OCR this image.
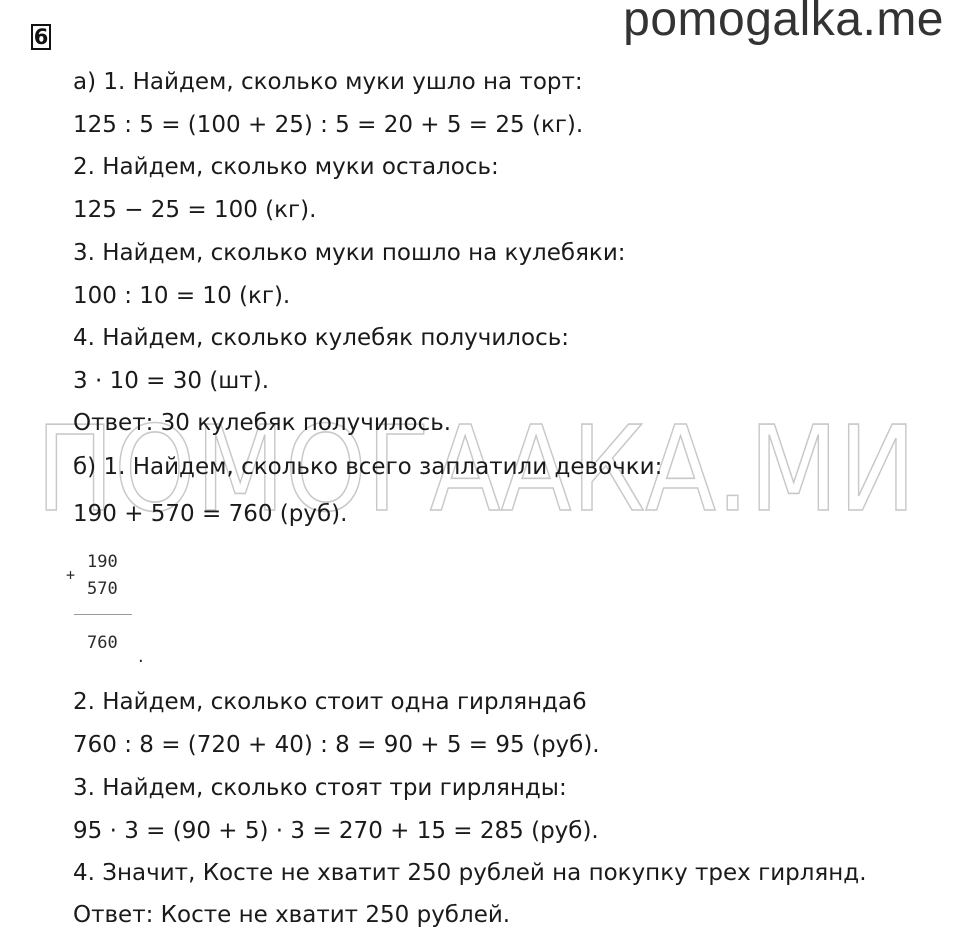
6	pomogalka.me
ПОМОГААКА.МИ
а) 1. Найдем, сколько муки ушло на торт:
125 : 5 = (100 + 25) : 5 = 20 + 5 = 25 (кг).
2. Найдем, сколько муки осталось:
125 − 25 = 100 (кг).
3. Найдем, сколько муки пошло на кулебяки:
100 : 10 = 10 (кг).
4. Найдем, сколько кулебяк получилось:
3 · 10 = 30 (шт).
Ответ: 30 кулебяк получилось.
б) 1. Найдем, сколько всего заплатили девочки:
190 + 570 = 760 (руб).
+
190
570
760
.
2. Найдем, сколько стоит одна гирлянда6
760 : 8 = (720 + 40) : 8 = 90 + 5 = 95 (руб).
3. Найдем, сколько стоят три гирлянды:
95 · 3 = (90 + 5) · 3 = 270 + 15 = 285 (руб).
4. Значит, Косте не хватит 250 рублей на покупку трех гирлянд.
Ответ: Косте не хватит 250 рублей.
